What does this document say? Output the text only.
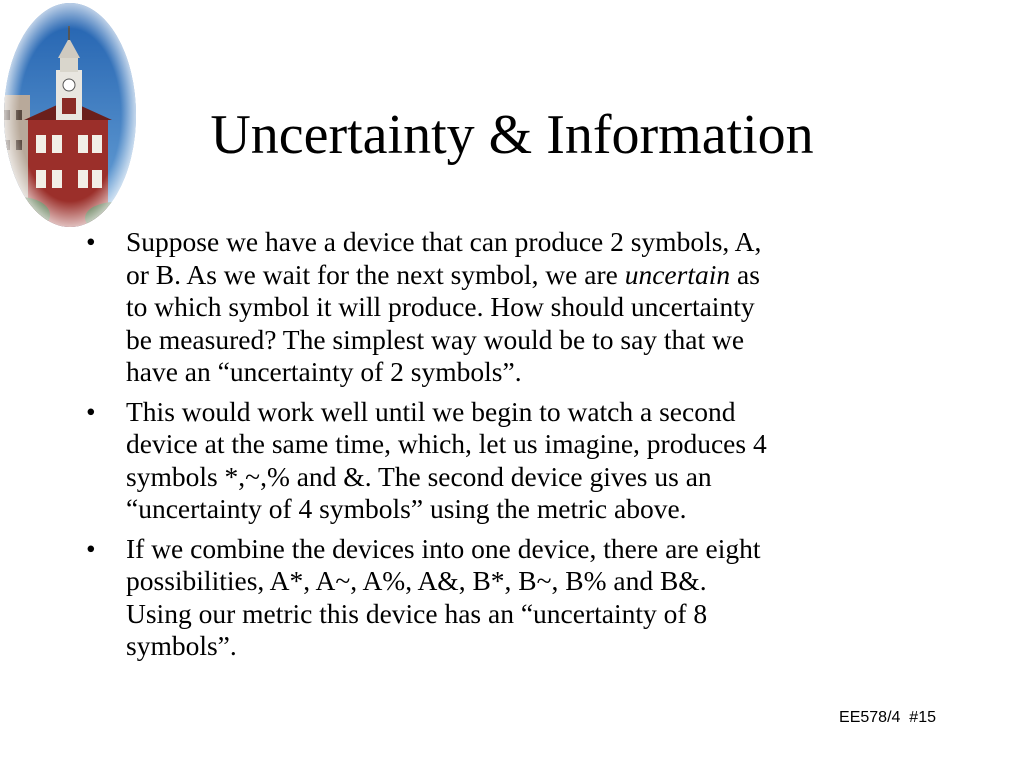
Uncertainty & Information
• Suppose we have a device that can produce 2 symbols, A,
or B. As we wait for the next symbol, we are uncertain as
to which symbol it will produce. How should uncertainty
be measured? The simplest way would be to say that we
have an “uncertainty of 2 symbols”.
• This would work well until we begin to watch a second
device at the same time, which, let us imagine, produces 4
symbols *,~,% and &. The second device gives us an
“uncertainty of 4 symbols” using the metric above.
• If we combine the devices into one device, there are eight
possibilities, A*, A~, A%, A&, B*, B~, B% and B&.
Using our metric this device has an “uncertainty of 8
symbols”.
EE578/4  #15
